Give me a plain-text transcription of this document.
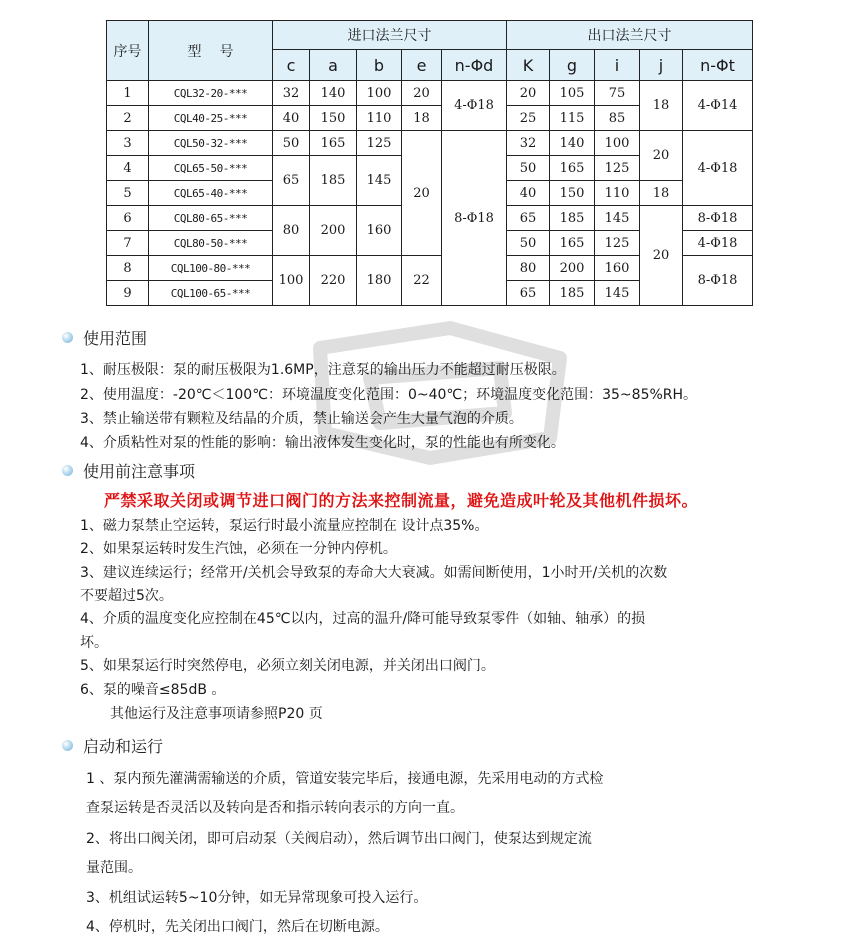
序号	型号	进口法兰尺寸					出口法兰尺寸				
		c	a	b	e	n-Φd	K	g	i	j	n-Φt
1	CQL32-20-***	32	140	100	20	4-Φ18	20	105	75	18	4-Φ14
2	CQL40-25-***	40	150	110	18		25	115	85		
3	CQL50-32-***	50	165	125	20	8-Φ18	32	140	100	20	4-Φ18
4	CQL65-50-***	65	185	145			50	165	125		
5	CQL65-40-***						40	150	110	18	
6	CQL80-65-***	80	200	160			65	185	145	20	8-Φ18
7	CQL80-50-***						50	165	125		4-Φ18
8	CQL100-80-***	100	220	180	22		80	200	160		8-Φ18
9	CQL100-65-***						65	185	145		
使用范围
1、耐压极限：泵的耐压极限为1.6MP，注意泵的输出压力不能超过耐压极限。
2、使用温度：-20℃＜100℃：环境温度变化范围：0~40℃；环境温度变化范围：35~85%RH。
3、禁止输送带有颗粒及结晶的介质，禁止输送会产生大量气泡的介质。
4、介质粘性对泵的性能的影响：输出液体发生变化时，泵的性能也有所变化。
使用前注意事项
严禁采取关闭或调节进口阀门的方法来控制流量，避免造成叶轮及其他机件损坏。
1、磁力泵禁止空运转，泵运行时最小流量应控制在 设计点35%。
2、如果泵运转时发生汽蚀，必须在一分钟内停机。
3、建议连续运行；经常开/关机会导致泵的寿命大大衰减。如需间断使用，1小时开/关机的次数
不要超过5次。
4、介质的温度变化应控制在45℃以内，过高的温升/降可能导致泵零件（如轴、轴承）的损
坏。
5、如果泵运行时突然停电，必须立刻关闭电源，并关闭出口阀门。
6、泵的噪音≤85dB 。
其他运行及注意事项请参照P20 页
启动和运行
1 、泵内预先灌满需输送的介质，管道安装完毕后，接通电源，先采用电动的方式检
查泵运转是否灵活以及转向是否和指示转向表示的方向一直。
2、将出口阀关闭，即可启动泵（关阀启动），然后调节出口阀门，使泵达到规定流
量范围。
3、机组试运转5~10分钟，如无异常现象可投入运行。
4、停机时，先关闭出口阀门，然后在切断电源。
